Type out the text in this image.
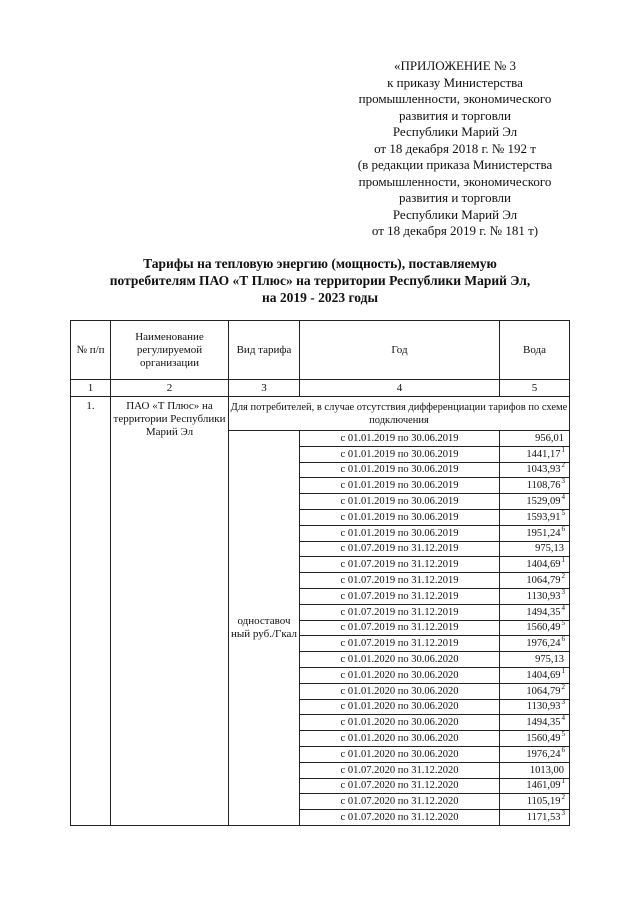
«ПРИЛОЖЕНИЕ № 3
к приказу Министерства
промышленности, экономического
развития и торговли
Республики Марий Эл
от 18 декабря 2018 г. № 192 т
(в редакции приказа Министерства
промышленности, экономического
развития и торговли
Республики Марий Эл
от 18 декабря 2019 г. № 181 т)
Тарифы на тепловую энергию (мощность), поставляемую
потребителям ПАО «Т Плюс» на территории Республики Марий Эл,
на 2019 - 2023 годы
№ п/п	Наименование регулируемой организации	Вид тарифа	Год	Вода
1	2	3	4	5
1.	ПАО «Т Плюс» на территории Республики Марий Эл	Для потребителей, в случае отсутствия дифференциации тарифов по схеме подключения		
		одноставоч ный руб./Гкал	с 01.01.2019 по 30.06.2019	956,01
			с 01.01.2019 по 30.06.2019	1441,17$^1$
			с 01.01.2019 по 30.06.2019	1043,93$^2$
			с 01.01.2019 по 30.06.2019	1108,76$^3$
			с 01.01.2019 по 30.06.2019	1529,09$^4$
			с 01.01.2019 по 30.06.2019	1593,91$^5$
			с 01.01.2019 по 30.06.2019	1951,24$^6$
			с 01.07.2019 по 31.12.2019	975,13
			с 01.07.2019 по 31.12.2019	1404,69$^1$
			с 01.07.2019 по 31.12.2019	1064,79$^2$
			с 01.07.2019 по 31.12.2019	1130,93$^3$
			с 01.07.2019 по 31.12.2019	1494,35$^4$
			с 01.07.2019 по 31.12.2019	1560,49$^5$
			с 01.07.2019 по 31.12.2019	1976,24$^6$
			с 01.01.2020 по 30.06.2020	975,13
			с 01.01.2020 по 30.06.2020	1404,69$^1$
			с 01.01.2020 по 30.06.2020	1064,79$^2$
			с 01.01.2020 по 30.06.2020	1130,93$^3$
			с 01.01.2020 по 30.06.2020	1494,35$^4$
			с 01.01.2020 по 30.06.2020	1560,49$^5$
			с 01.01.2020 по 30.06.2020	1976,24$^6$
			с 01.07.2020 по 31.12.2020	1013,00
			с 01.07.2020 по 31.12.2020	1461,09$^1$
			с 01.07.2020 по 31.12.2020	1105,19$^2$
			с 01.07.2020 по 31.12.2020	1171,53$^3$
